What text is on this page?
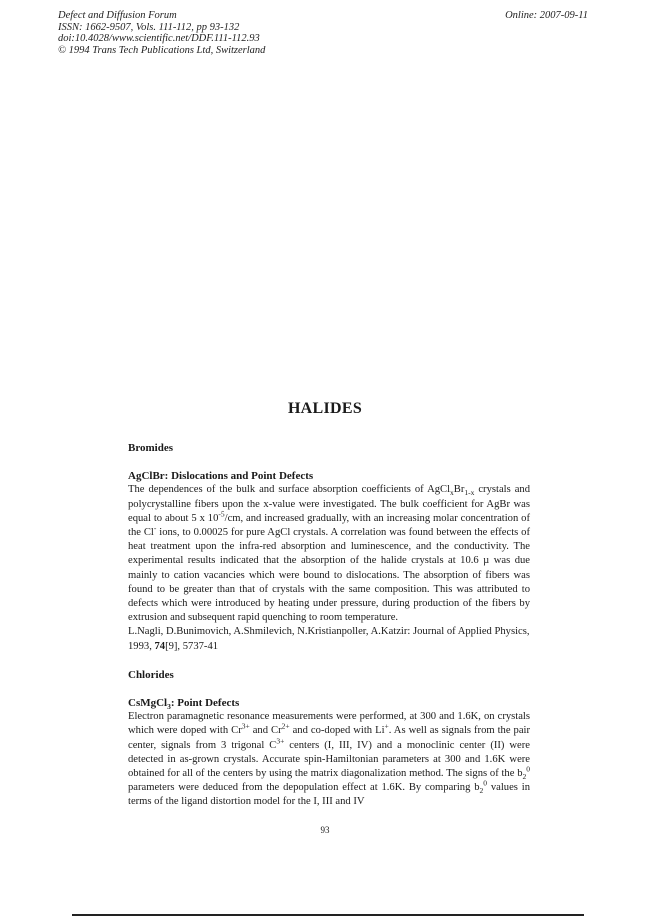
Defect and Diffusion Forum
ISSN: 1662-9507, Vols. 111-112, pp 93-132
doi:10.4028/www.scientific.net/DDF.111-112.93
© 1994 Trans Tech Publications Ltd, Switzerland
Online: 2007-09-11
HALIDES

Bromides

AgClBr: Dislocations and Point Defects

The dependences of the bulk and surface absorption coefficients of $AgCl_xBr_{1-x}$ crystals and polycrystalline fibers upon the x-value were investigated. The bulk coefficient for AgBr was equal to about 5 x $10^{-5}/cm$, and increased gradually, with an increasing molar concentration of the Cl- ions, to 0.00025 for pure AgCl crystals. A correlation was found between the effects of heat treatment upon the infra-red absorption and luminescence, and the conductivity. The experimental results indicated that the absorption of the halide crystals at 10.6 µ was due mainly to cation vacancies which were bound to dislocations. The absorption of fibers was found to be greater than that of crystals with the same composition. This was attributed to defects which were introduced by heating under pressure, during production of the fibers by extrusion and subsequent rapid quenching to room temperature.

L.Nagli, D.Bunimovich, A.Shmilevich, N.Kristianpoller, A.Katzir: Journal of Applied Physics, 1993, 74[9], 5737-41

Chlorides

CsMgCl$_3$: Point Defects

Electron paramagnetic resonance measurements were performed, at 300 and 1.6K, on crystals which were doped with $Cr^{3+}$ and $Cr^{2+}$ and co-doped with Li+. As well as signals from the pair center, signals from 3 trigonal $C^{3+}$ centers (I, III, IV) and a monoclinic center (II) were detected in as-grown crystals. Accurate spin-Hamiltonian parameters at 300 and 1.6K were obtained for all of the centers by using the matrix diagonalization method. The signs of the $b_2^0$ parameters were deduced from the depopulation effect at 1.6K. By comparing $b_2^0$ values in terms of the ligand distortion model for the I, III and IV

93
